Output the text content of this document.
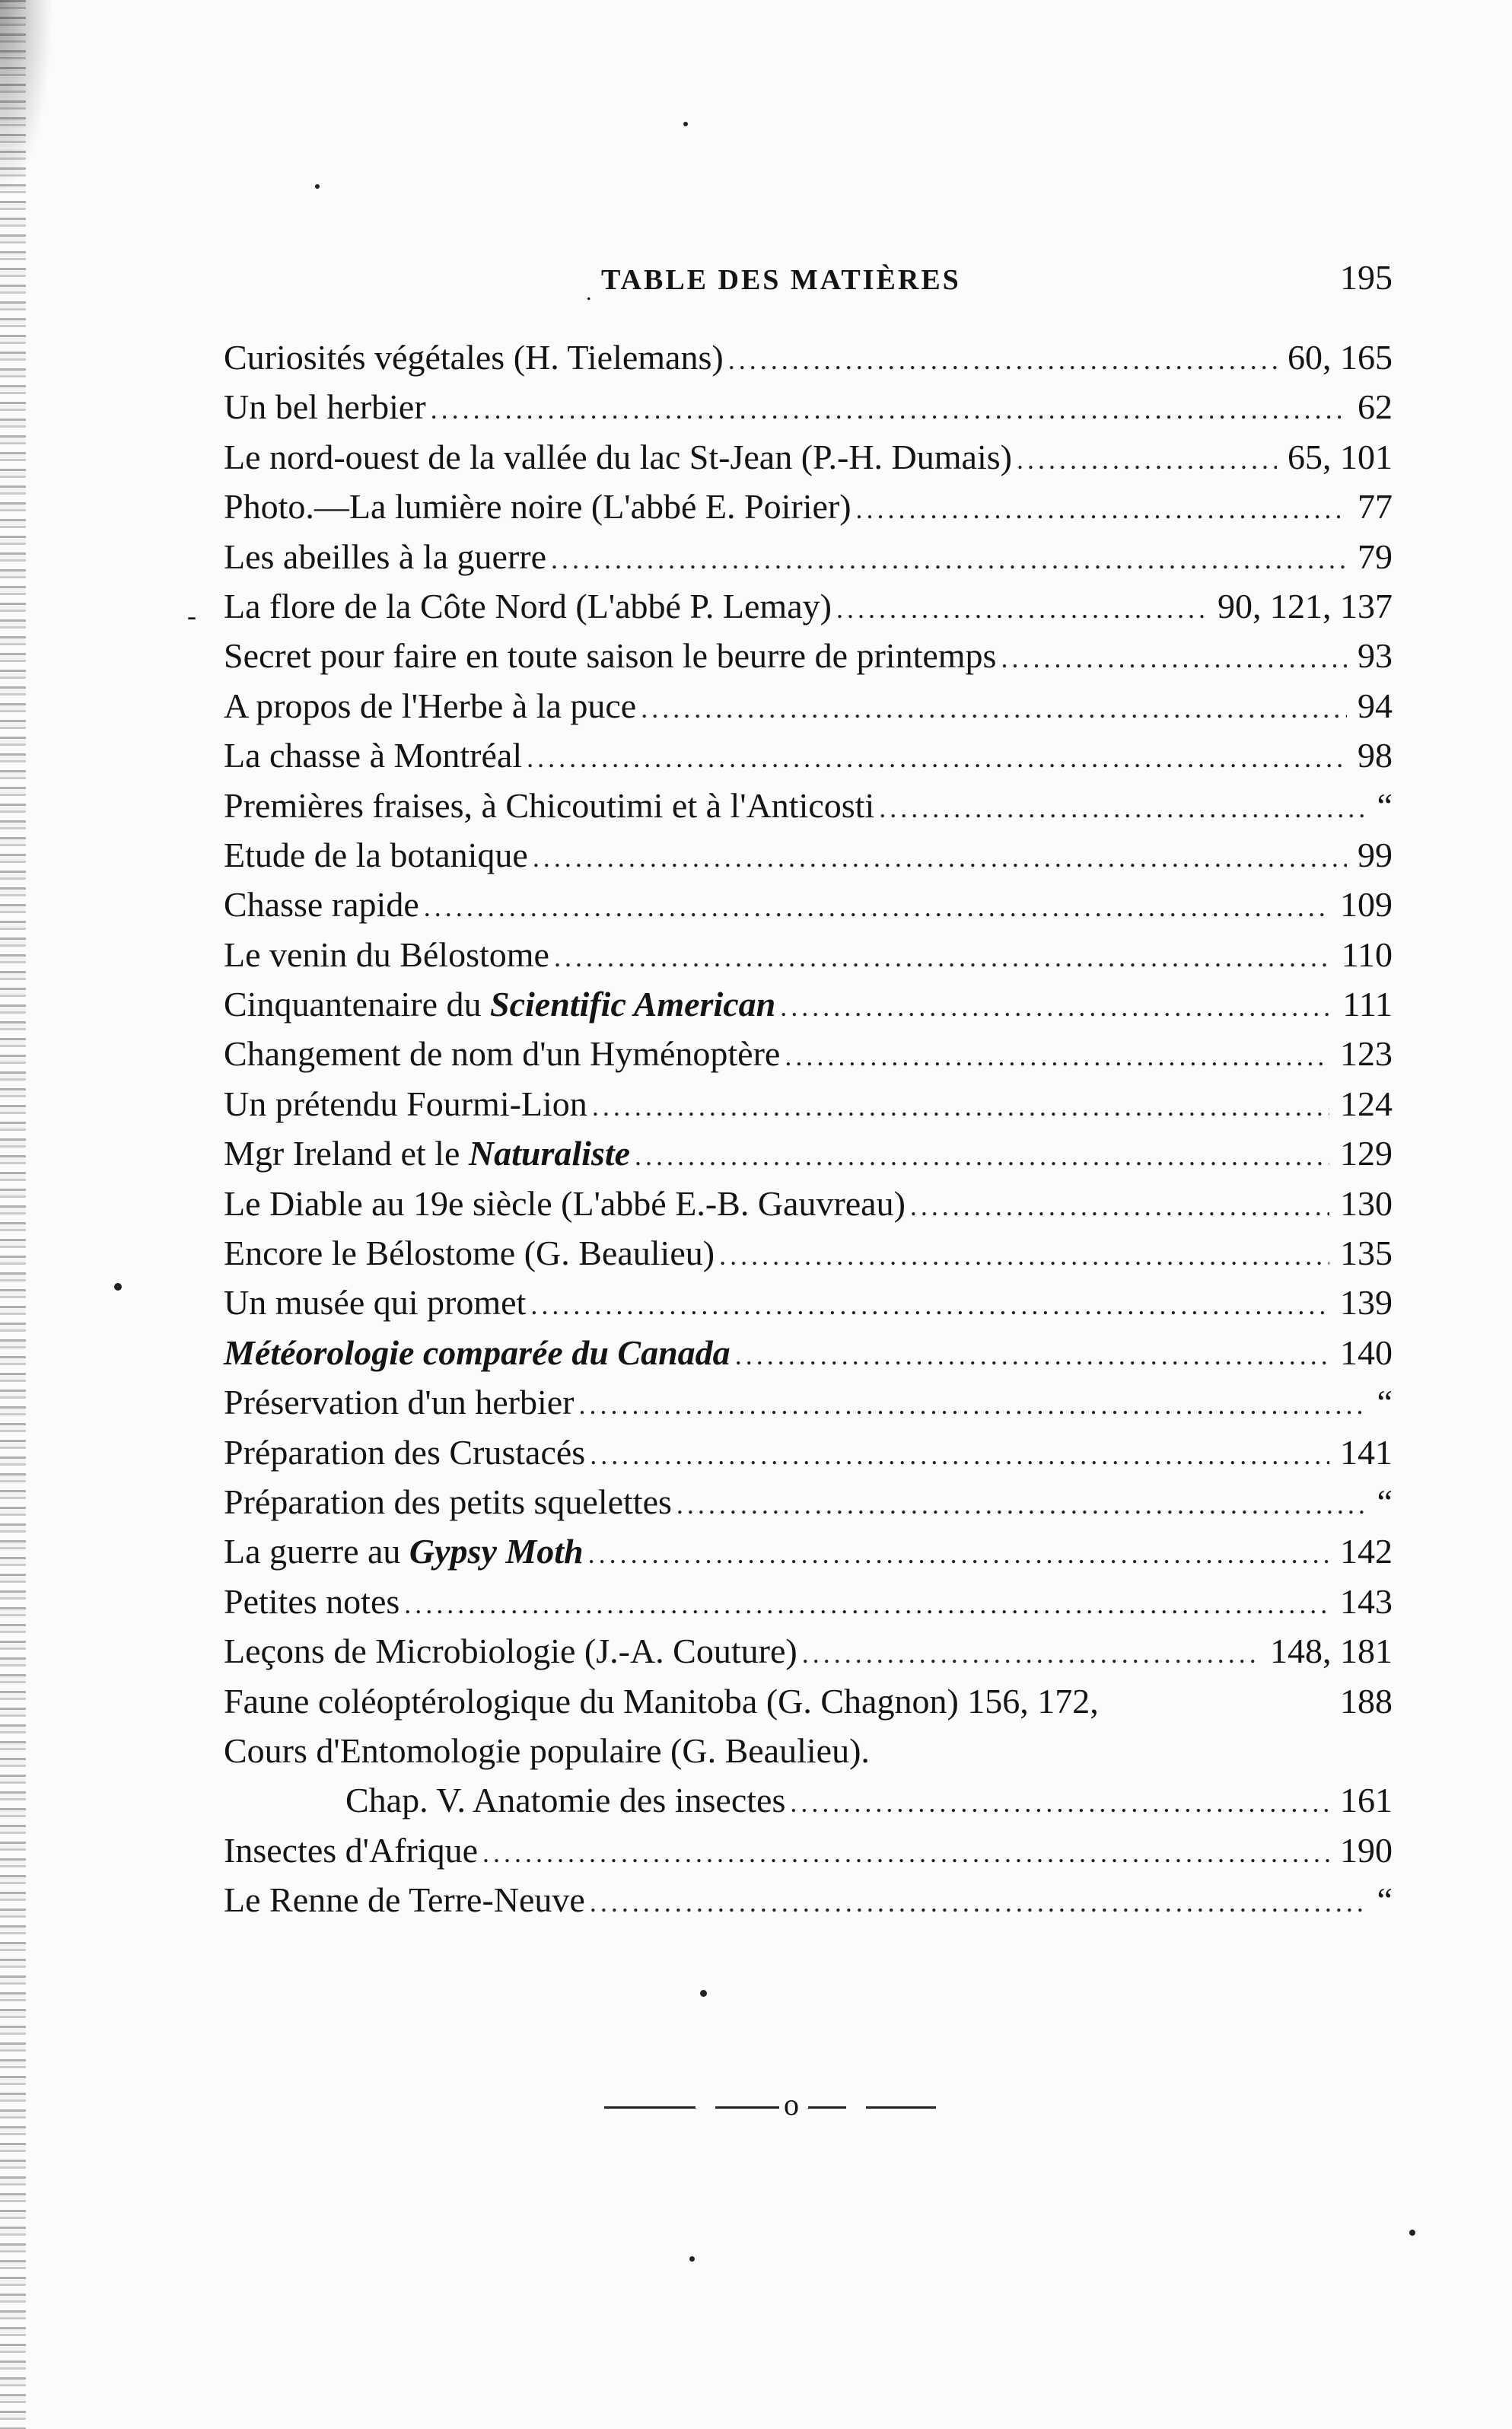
. TABLE DES MATIÈRES	195
-
Curiosités végétales (H. Tielemans) . . .	60, 165
Un bel herbier . . .	62
Le nord-ouest de la vallée du lac St-Jean (P.-H. Dumais) . . .	65, 101
Photo.—La lumière noire (L'abbé E. Poirier) . . .	77
Les abeilles à la guerre . . .	79
La flore de la Côte Nord (L'abbé P. Lemay) . . .	90, 121, 137
Secret pour faire en toute saison le beurre de printemps . . .	93
A propos de l'Herbe à la puce . . .	94
La chasse à Montréal . . .	98
Premières fraises, à Chicoutimi et à l'Anticosti . . .	“
Etude de la botanique . . .	99
Chasse rapide . . .	109
Le venin du Bélostome . . .	110
Cinquantenaire du Scientific American . . .	111
Changement de nom d'un Hyménoptère . . .	123
Un prétendu Fourmi-Lion . . .	124
Mgr Ireland et le Naturaliste . . .	129
Le Diable au 19e siècle (L'abbé E.-B. Gauvreau) . . .	130
Encore le Bélostome (G. Beaulieu) . . .	135
Un musée qui promet . . .	139
Météorologie comparée du Canada . . .	140
Préservation d'un herbier . . .	“
Préparation des Crustacés . . .	141
Préparation des petits squelettes . . .	“
La guerre au Gypsy Moth . . .	142
Petites notes . . .	143
Leçons de Microbiologie (J.-A. Couture) . . .	148, 181
Faune coléoptérologique du Manitoba (G. Chagnon) 156, 172,	188
Cours d'Entomologie populaire (G. Beaulieu).
Chap. V. Anatomie des insectes . . .	161
Insectes d'Afrique . . .	190
Le Renne de Terre-Neuve . . .	“
o
